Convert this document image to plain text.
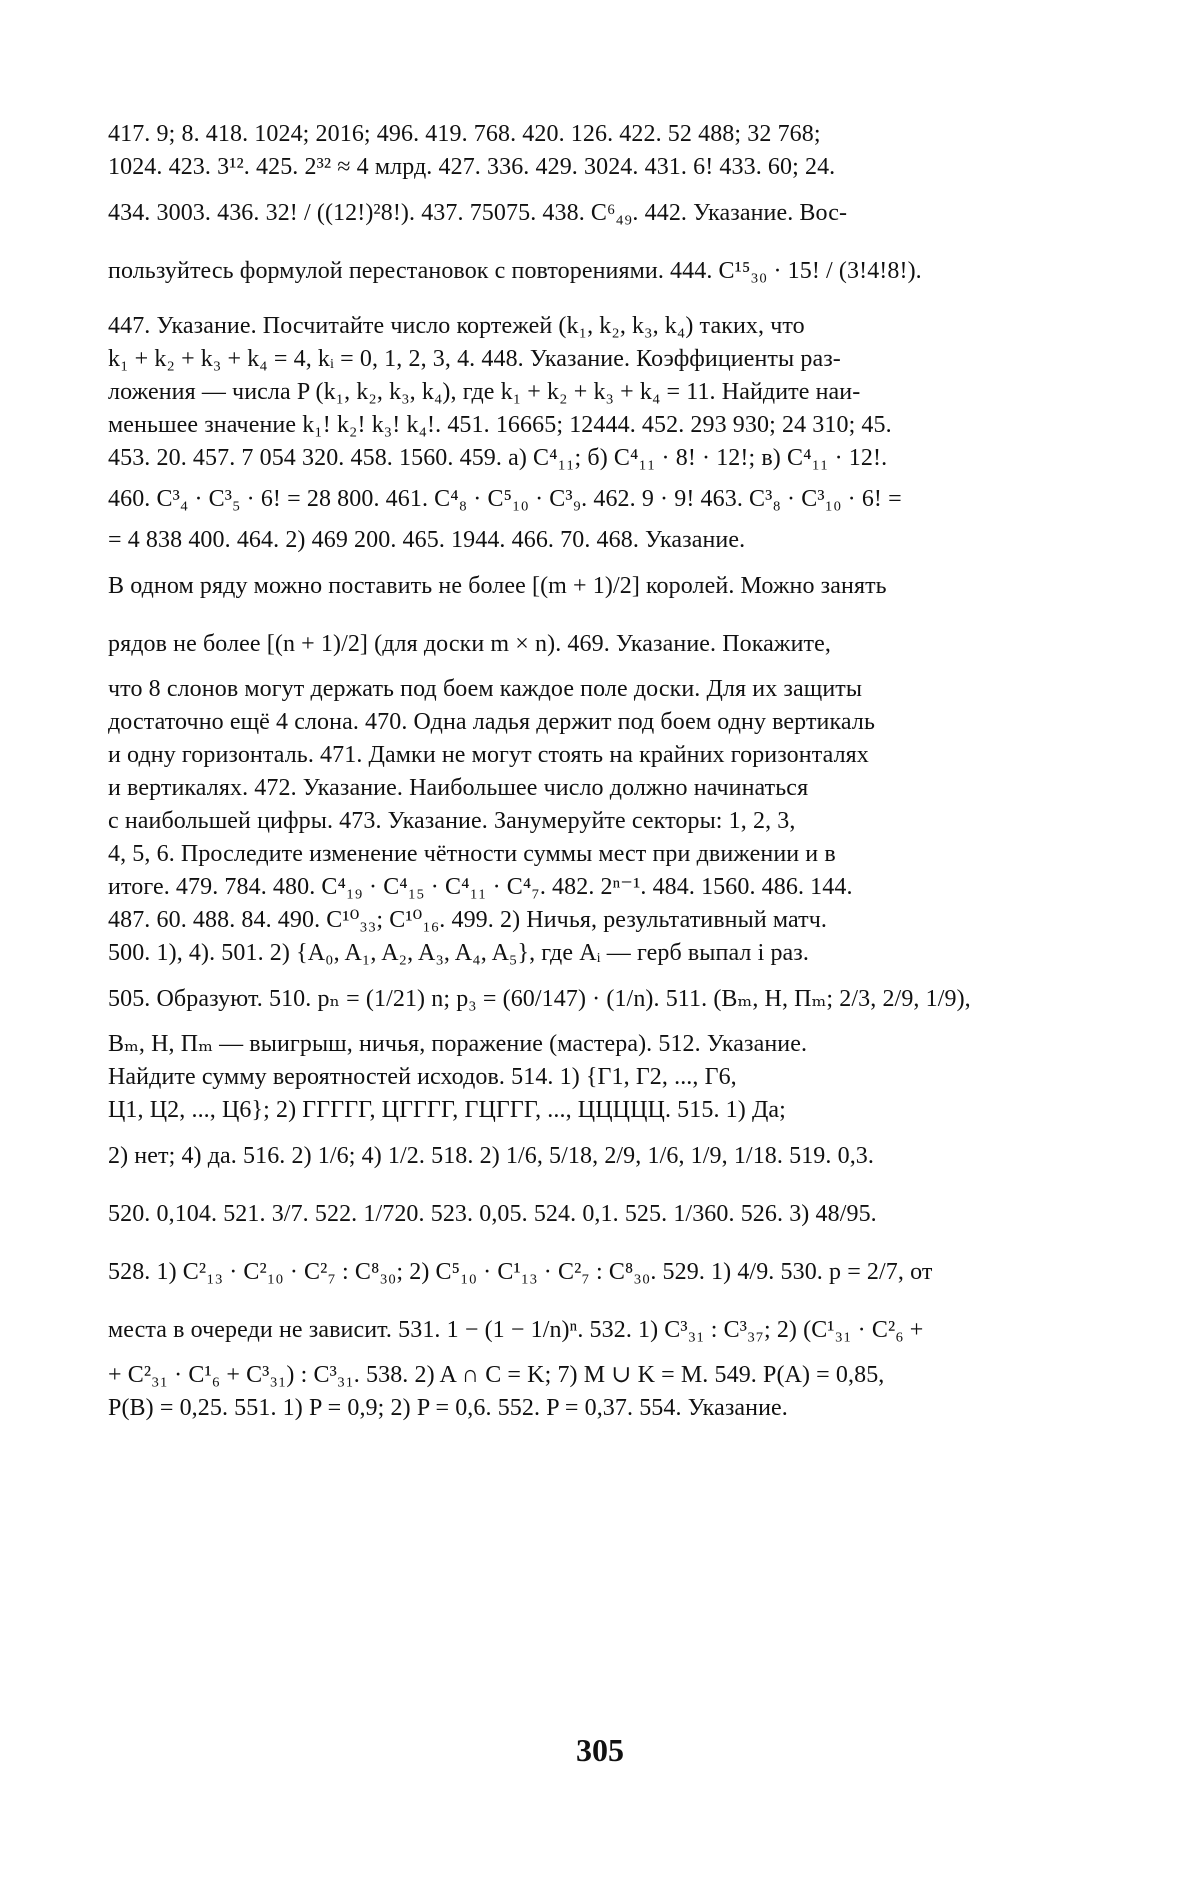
417. 9; 8. 418. 1024; 2016; 496. 419. 768. 420. 126. 422. 52 488; 32 768;
1024. 423. 3¹². 425. 2³² ≈ 4 млрд. 427. 336. 429. 3024. 431. 6! 433. 60; 24.
434. 3003. 436. 32! / ((12!)²8!). 437. 75075. 438. C⁶₄₉. 442. Указание. Вос-
пользуйтесь формулой перестановок с повторениями. 444. C¹⁵₃₀ · 15! / (3!4!8!).
447. Указание. Посчитайте число кортежей (k₁, k₂, k₃, k₄) таких, что
k₁ + k₂ + k₃ + k₄ = 4, kᵢ = 0, 1, 2, 3, 4. 448. Указание. Коэффициенты раз-
ложения — числа P (k₁, k₂, k₃, k₄), где k₁ + k₂ + k₃ + k₄ = 11. Найдите наи-
меньшее значение k₁! k₂! k₃! k₄!. 451. 16665; 12444. 452. 293 930; 24 310; 45.
453. 20. 457. 7 054 320. 458. 1560. 459. а) C⁴₁₁; б) C⁴₁₁ · 8! · 12!; в) C⁴₁₁ · 12!.
460. C³₄ · C³₅ · 6! = 28 800. 461. C⁴₈ · C⁵₁₀ · C³₉. 462. 9 · 9! 463. C³₈ · C³₁₀ · 6! =
= 4 838 400. 464. 2) 469 200. 465. 1944. 466. 70. 468. Указание.
В одном ряду можно поставить не более [(m + 1)/2] королей. Можно занять
рядов не более [(n + 1)/2] (для доски m × n). 469. Указание. Покажите,
что 8 слонов могут держать под боем каждое поле доски. Для их защиты
достаточно ещё 4 слона. 470. Одна ладья держит под боем одну вертикаль
и одну горизонталь. 471. Дамки не могут стоять на крайних горизонталях
и вертикалях. 472. Указание. Наибольшее число должно начинаться
с наибольшей цифры. 473. Указание. Занумеруйте секторы: 1, 2, 3,
4, 5, 6. Проследите изменение чётности суммы мест при движении и в
итоге. 479. 784. 480. C⁴₁₉ · C⁴₁₅ · C⁴₁₁ · C⁴₇. 482. 2ⁿ⁻¹. 484. 1560. 486. 144.
487. 60. 488. 84. 490. C¹⁰₃₃; C¹⁰₁₆. 499. 2) Ничья, результативный матч.
500. 1), 4). 501. 2) {A₀, A₁, A₂, A₃, A₄, A₅}, где Aᵢ — герб выпал i раз.
505. Образуют. 510. pₙ = (1/21) n; p₃ = (60/147) · (1/n). 511. (Bₘ, Н, Пₘ; 2/3, 2/9, 1/9),
Вₘ, Н, Пₘ — выигрыш, ничья, поражение (мастера). 512. Указание.
Найдите сумму вероятностей исходов. 514. 1) {Г1, Г2, ..., Г6,
Ц1, Ц2, ..., Ц6}; 2) ГГГГГ, ЦГГГГ, ГЦГГГ, ..., ЦЦЦЦЦ. 515. 1) Да;
2) нет; 4) да. 516. 2) 1/6; 4) 1/2. 518. 2) 1/6, 5/18, 2/9, 1/6, 1/9, 1/18. 519. 0,3.
520. 0,104. 521. 3/7. 522. 1/720. 523. 0,05. 524. 0,1. 525. 1/360. 526. 3) 48/95.
528. 1) C²₁₃ · C²₁₀ · C²₇ : C⁸₃₀; 2) C⁵₁₀ · C¹₁₃ · C²₇ : C⁸₃₀. 529. 1) 4/9. 530. p = 2/7, от
места в очереди не зависит. 531. 1 − (1 − 1/n)ⁿ. 532. 1) C³₃₁ : C³₃₇; 2) (C¹₃₁ · C²₆ +
+ C²₃₁ · C¹₆ + C³₃₁) : C³₃₁. 538. 2) A ∩ C = K; 7) M ∪ K = M. 549. P(A) = 0,85,
P(B) = 0,25. 551. 1) P = 0,9; 2) P = 0,6. 552. P = 0,37. 554. Указание.
305
